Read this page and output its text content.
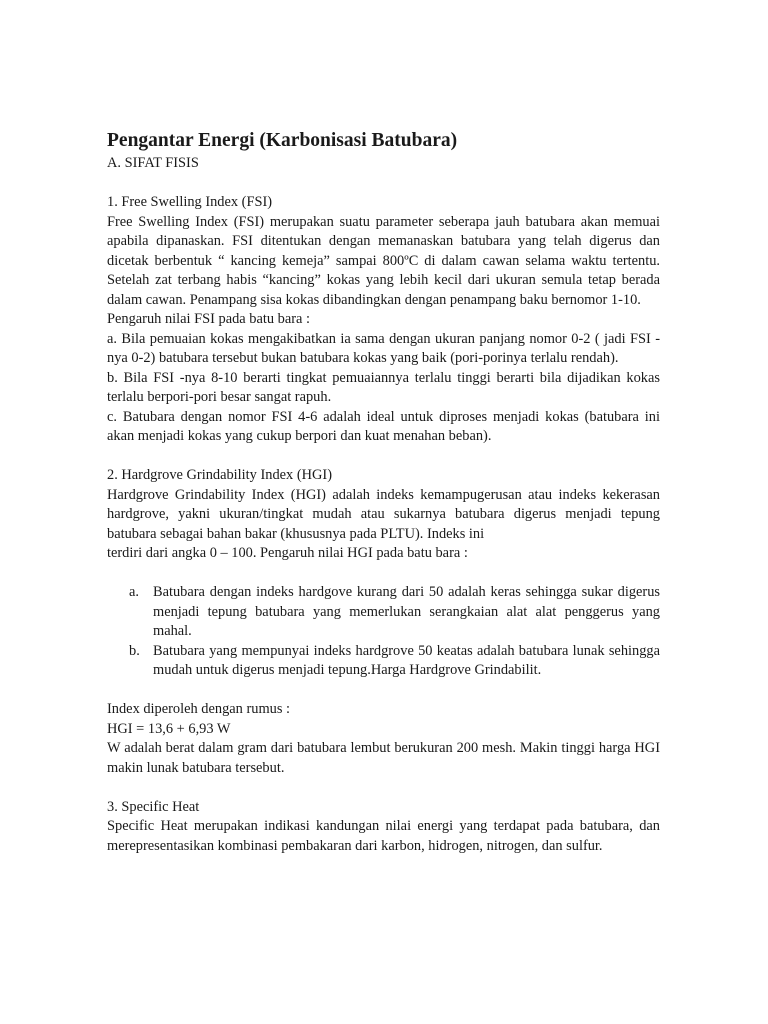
Pengantar Energi (Karbonisasi Batubara)

A. SIFAT FISIS

1. Free Swelling Index (FSI)

Free Swelling Index (FSI) merupakan suatu parameter seberapa jauh batubara akan memuai apabila dipanaskan. FSI ditentukan dengan memanaskan batubara yang telah digerus dan dicetak berbentuk “ kancing kemeja” sampai 800ºC di dalam cawan selama waktu tertentu. Setelah zat terbang habis “kancing” kokas yang lebih kecil dari ukuran semula tetap berada dalam cawan. Penampang sisa kokas dibandingkan dengan penampang baku bernomor 1-10.

Pengaruh nilai FSI pada batu bara :

a. Bila pemuaian kokas mengakibatkan ia sama dengan ukuran panjang nomor 0-2 ( jadi FSI -nya 0-2) batubara tersebut bukan batubara kokas yang baik (pori-porinya terlalu rendah).

b. Bila FSI -nya 8-10 berarti tingkat pemuaiannya terlalu tinggi berarti bila dijadikan kokas terlalu berpori-pori besar sangat rapuh.

c. Batubara dengan nomor FSI 4-6 adalah ideal untuk diproses menjadi kokas (batubara ini akan menjadi kokas yang cukup berpori dan kuat menahan beban).

2. Hardgrove Grindability Index (HGI)

Hardgrove Grindability Index (HGI) adalah indeks kemampugerusan atau indeks kekerasan hardgrove, yakni ukuran/tingkat mudah atau sukarnya batubara digerus menjadi tepung batubara sebagai bahan bakar (khususnya pada PLTU). Indeks ini

terdiri dari angka 0 – 100. Pengaruh nilai HGI pada batu bara :

a. Batubara dengan indeks hardgove kurang dari 50 adalah keras sehingga sukar digerus menjadi tepung batubara yang memerlukan serangkaian alat alat penggerus yang mahal.
b. Batubara yang mempunyai indeks hardgrove 50 keatas adalah batubara lunak sehingga mudah untuk digerus menjadi tepung.Harga Hardgrove Grindabilit.

Index diperoleh dengan rumus :

HGI = 13,6 + 6,93 W

W adalah berat dalam gram dari batubara lembut berukuran 200 mesh. Makin tinggi harga HGI makin lunak batubara tersebut.

3. Specific Heat

Specific Heat merupakan indikasi kandungan nilai energi yang terdapat pada batubara, dan merepresentasikan kombinasi pembakaran dari karbon, hidrogen, nitrogen, dan sulfur.
